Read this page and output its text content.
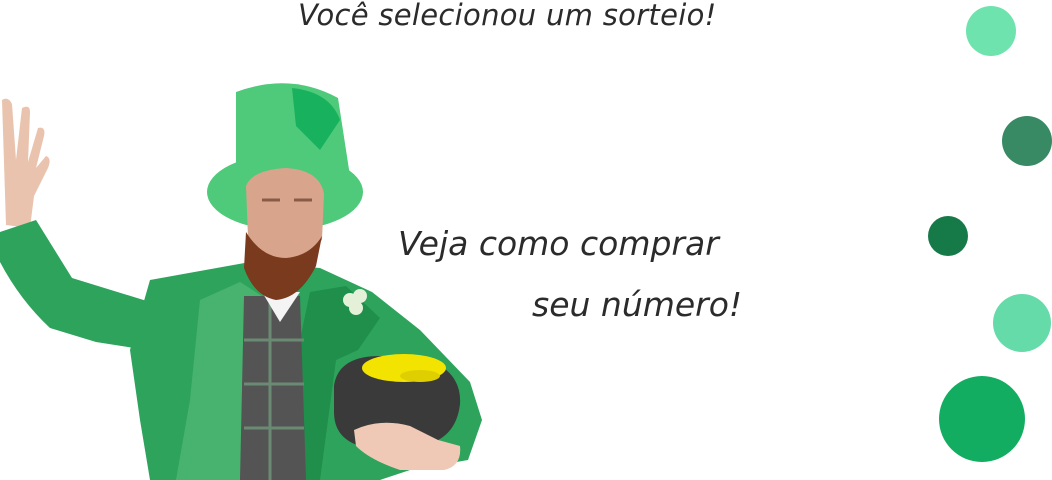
Você selecionou um sorteio!
Veja como comprar
seu número!
